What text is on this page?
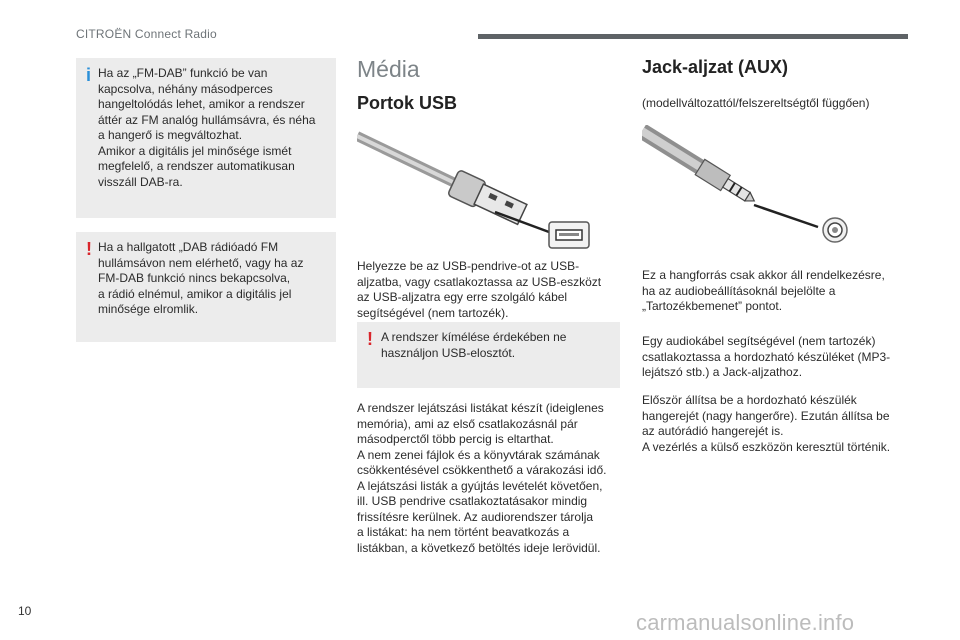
CITROËN Connect Radio
i Ha az „FM-DAB” funkció be van

kapcsolva, néhány másodperces

hangeltolódás lehet, amikor a rendszer

áttér az FM analóg hullámsávra, és néha

a hangerő is megváltozhat.

Amikor a digitális jel minősége ismét

megfelelő, a rendszer automatikusan

visszáll DAB-ra.

! Ha a hallgatott „DAB rádióadó FM

hullámsávon nem elérhető, vagy ha az

FM-DAB funkció nincs bekapcsolva,

a rádió elnémul, amikor a digitális jel

minősége elromlik.

Média
Portok USB

Helyezze be az USB-pendrive-ot az USB-

aljzatba, vagy csatlakoztassa az USB-eszközt

az USB-aljzatra egy erre szolgáló kábel

segítségével (nem tartozék).

! A rendszer kímélése érdekében ne

használjon USB-elosztót.

A rendszer lejátszási listákat készít (ideiglenes

memória), ami az első csatlakozásnál pár

másodperctől több percig is eltarthat.

A nem zenei fájlok és a könyvtárak számának

csökkentésével csökkenthető a várakozási idő.

A lejátszási listák a gyújtás levételét követően,

ill. USB pendrive csatlakoztatásakor mindig

frissítésre kerülnek. Az audiorendszer tárolja

a listákat: ha nem történt beavatkozás a

listákban, a következő betöltés ideje lerövidül.

Jack-aljzat (AUX)
(modellváltozattól/felszereltségtől függően)

Ez a hangforrás csak akkor áll rendelkezésre,

ha az audiobeállításoknál bejelölte a

„Tartozékbemenet” pontot.

Egy audiokábel segítségével (nem tartozék)

csatlakoztassa a hordozható készüléket (MP3-

lejátszó stb.) a Jack-aljzathoz.

Először állítsa be a hordozható készülék

hangerejét (nagy hangerőre). Ezután állítsa be

az autórádió hangerejét is.

A vezérlés a külső eszközön keresztül történik.

10	carmanualsonline.info
